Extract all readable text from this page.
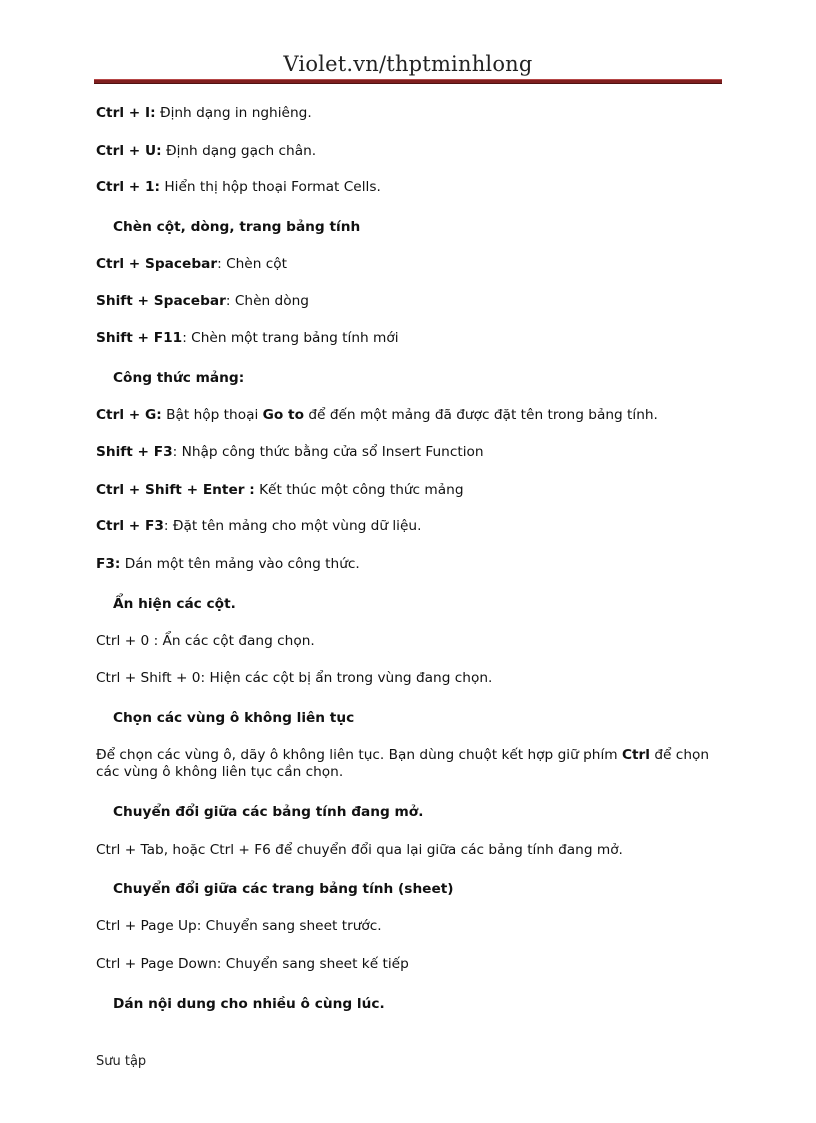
Violet.vn/thptminhlong
Ctrl + I: Định dạng in nghiêng.
Ctrl + U: Định dạng gạch chân.
Ctrl + 1: Hiển thị hộp thoại Format Cells.
Chèn cột, dòng, trang bảng tính
Ctrl + Spacebar: Chèn cột
Shift + Spacebar: Chèn dòng
Shift + F11: Chèn một trang bảng tính mới
Công thức mảng:
Ctrl + G: Bật hộp thoại Go to để đến một mảng đã được đặt tên trong bảng tính.
Shift + F3: Nhập công thức bằng cửa sổ Insert Function
Ctrl + Shift + Enter : Kết thúc một công thức mảng
Ctrl + F3: Đặt tên mảng cho một vùng dữ liệu.
F3: Dán một tên mảng vào công thức.
Ẩn hiện các cột.
Ctrl + 0 : Ẩn các cột đang chọn.
Ctrl + Shift + 0: Hiện các cột bị ẩn trong vùng đang chọn.
Chọn các vùng ô không liên tục
Để chọn các vùng ô, dãy ô không liên tục. Bạn dùng chuột kết hợp giữ phím Ctrl để chọn các vùng ô không liên tục cần chọn.
Chuyển đổi giữa các bảng tính đang mở.
Ctrl + Tab, hoặc Ctrl + F6 để chuyển đổi qua lại giữa các bảng tính đang mở.
Chuyển đổi giữa các trang bảng tính (sheet)
Ctrl + Page Up: Chuyển sang sheet trước.
Ctrl + Page Down: Chuyển sang sheet kế tiếp
Dán nội dung cho nhiều ô cùng lúc.
Sưu tập
